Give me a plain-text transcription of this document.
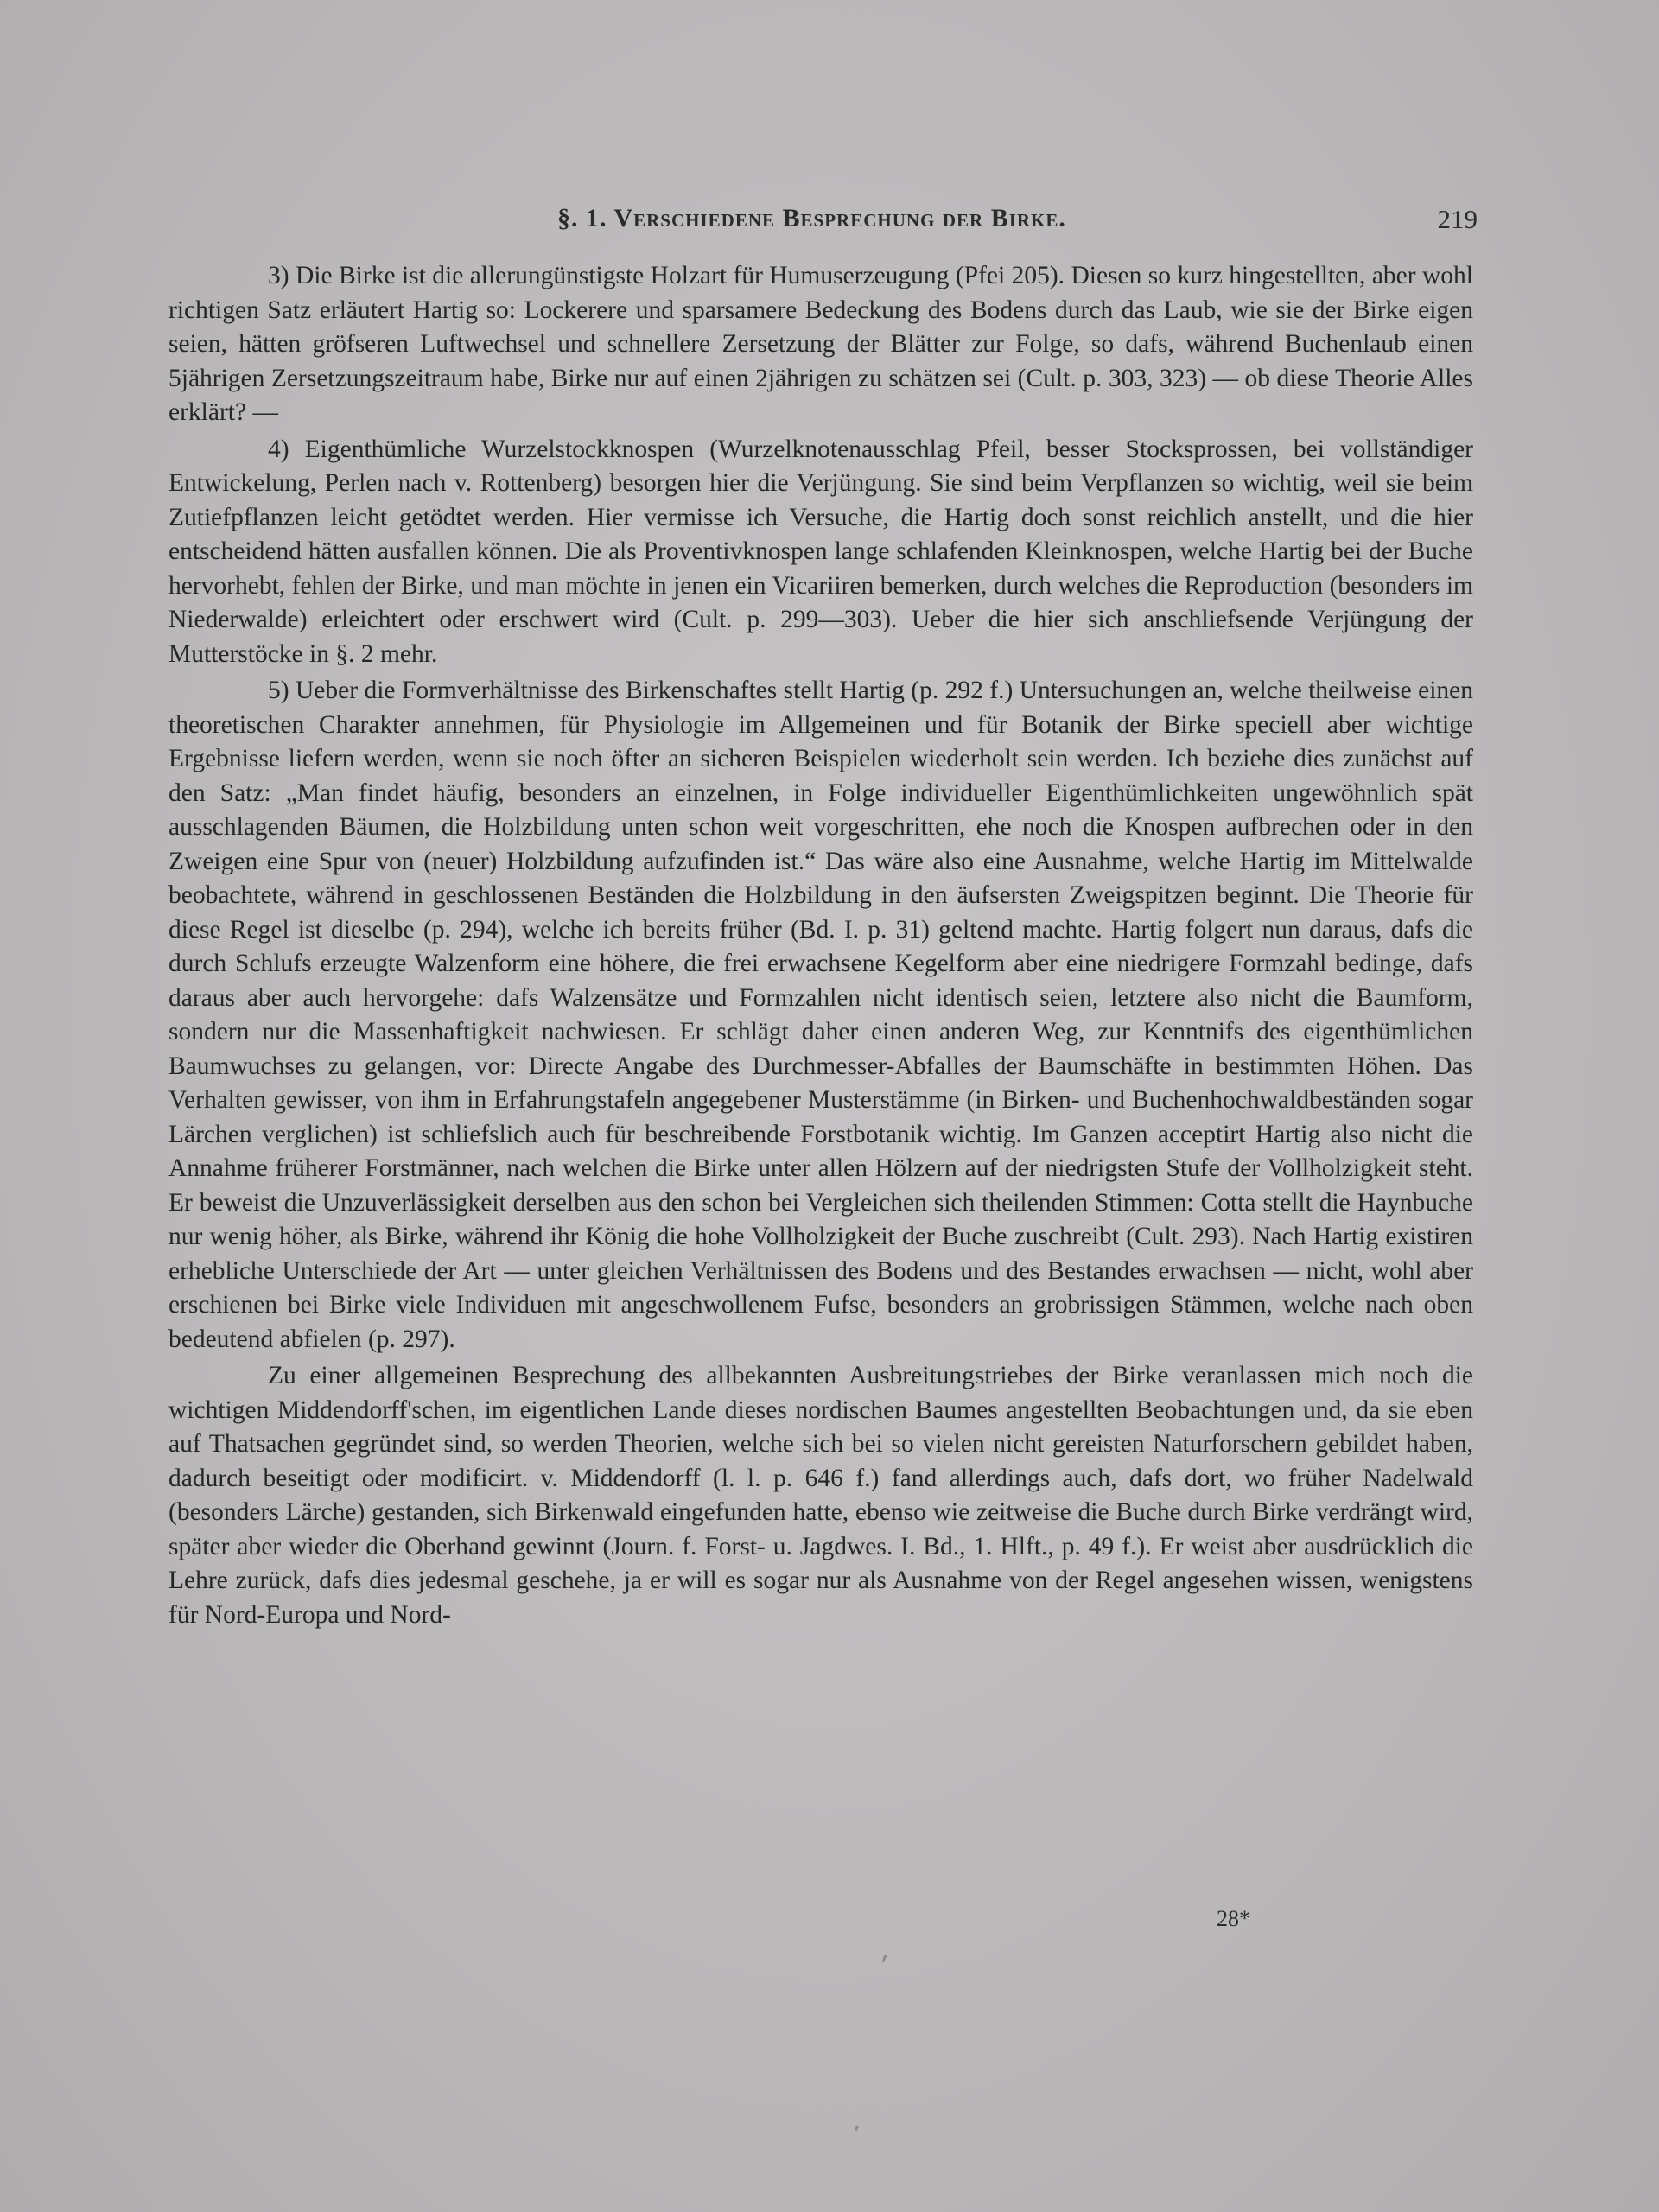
§. 1. Verschiedene Besprechung der Birke.	219

3) Die Birke ist die allerungünstigste Holzart für Humuserzeugung (Pfei 205). Diesen so kurz hingestellten, aber wohl richtigen Satz erläutert Hartig so: Lockerere und sparsamere Bedeckung des Bodens durch das Laub, wie sie der Birke eigen seien, hätten gröfseren Luftwechsel und schnellere Zersetzung der Blätter zur Folge, so dafs, während Buchenlaub einen 5jährigen Zersetzungszeitraum habe, Birke nur auf einen 2jährigen zu schätzen sei (Cult. p. 303, 323) — ob diese Theorie Alles erklärt? —

4) Eigenthümliche Wurzelstockknospen (Wurzelknotenausschlag Pfeil, besser Stocksprossen, bei vollständiger Entwickelung, Perlen nach v. Rottenberg) besorgen hier die Verjüngung. Sie sind beim Verpflanzen so wichtig, weil sie beim Zutiefpflanzen leicht getödtet werden. Hier vermisse ich Versuche, die Hartig doch sonst reichlich anstellt, und die hier entscheidend hätten ausfallen können. Die als Proventivknospen lange schlafenden Kleinknospen, welche Hartig bei der Buche hervorhebt, fehlen der Birke, und man möchte in jenen ein Vicariiren bemerken, durch welches die Reproduction (besonders im Niederwalde) erleichtert oder erschwert wird (Cult. p. 299—303). Ueber die hier sich anschliefsende Verjüngung der Mutterstöcke in §. 2 mehr.

5) Ueber die Formverhältnisse des Birkenschaftes stellt Hartig (p. 292 f.) Untersuchungen an, welche theilweise einen theoretischen Charakter annehmen, für Physiologie im Allgemeinen und für Botanik der Birke speciell aber wichtige Ergebnisse liefern werden, wenn sie noch öfter an sicheren Beispielen wiederholt sein werden. Ich beziehe dies zunächst auf den Satz: „Man findet häufig, besonders an einzelnen, in Folge individueller Eigenthümlichkeiten ungewöhnlich spät ausschlagenden Bäumen, die Holzbildung unten schon weit vorgeschritten, ehe noch die Knospen aufbrechen oder in den Zweigen eine Spur von (neuer) Holzbildung aufzufinden ist.“ Das wäre also eine Ausnahme, welche Hartig im Mittelwalde beobachtete, während in geschlossenen Beständen die Holzbildung in den äufsersten Zweigspitzen beginnt. Die Theorie für diese Regel ist dieselbe (p. 294), welche ich bereits früher (Bd. I. p. 31) geltend machte. Hartig folgert nun daraus, dafs die durch Schlufs erzeugte Walzenform eine höhere, die frei erwachsene Kegelform aber eine niedrigere Formzahl bedinge, dafs daraus aber auch hervorgehe: dafs Walzensätze und Formzahlen nicht identisch seien, letztere also nicht die Baumform, sondern nur die Massenhaftigkeit nachwiesen. Er schlägt daher einen anderen Weg, zur Kenntnifs des eigenthümlichen Baumwuchses zu gelangen, vor: Directe Angabe des Durchmesser-Abfalles der Baumschäfte in bestimmten Höhen. Das Verhalten gewisser, von ihm in Erfahrungstafeln angegebener Musterstämme (in Birken- und Buchenhochwaldbeständen sogar Lärchen verglichen) ist schliefslich auch für beschreibende Forstbotanik wichtig. Im Ganzen acceptirt Hartig also nicht die Annahme früherer Forstmänner, nach welchen die Birke unter allen Hölzern auf der niedrigsten Stufe der Vollholzigkeit steht. Er beweist die Unzuverlässigkeit derselben aus den schon bei Vergleichen sich theilenden Stimmen: Cotta stellt die Haynbuche nur wenig höher, als Birke, während ihr König die hohe Vollholzigkeit der Buche zuschreibt (Cult. 293). Nach Hartig existiren erhebliche Unterschiede der Art — unter gleichen Verhältnissen des Bodens und des Bestandes erwachsen — nicht, wohl aber erschienen bei Birke viele Individuen mit angeschwollenem Fufse, besonders an grobrissigen Stämmen, welche nach oben bedeutend abfielen (p. 297).

Zu einer allgemeinen Besprechung des allbekannten Ausbreitungstriebes der Birke veranlassen mich noch die wichtigen Middendorff'schen, im eigentlichen Lande dieses nordischen Baumes angestellten Beobachtungen und, da sie eben auf Thatsachen gegründet sind, so werden Theorien, welche sich bei so vielen nicht gereisten Naturforschern gebildet haben, dadurch beseitigt oder modificirt. v. Middendorff (l. l. p. 646 f.) fand allerdings auch, dafs dort, wo früher Nadelwald (besonders Lärche) gestanden, sich Birkenwald eingefunden hatte, ebenso wie zeitweise die Buche durch Birke verdrängt wird, später aber wieder die Oberhand gewinnt (Journ. f. Forst- u. Jagdwes. I. Bd., 1. Hlft., p. 49 f.). Er weist aber ausdrücklich die Lehre zurück, dafs dies jedesmal geschehe, ja er will es sogar nur als Ausnahme von der Regel angesehen wissen, wenigstens für Nord-Europa und Nord-

28*
